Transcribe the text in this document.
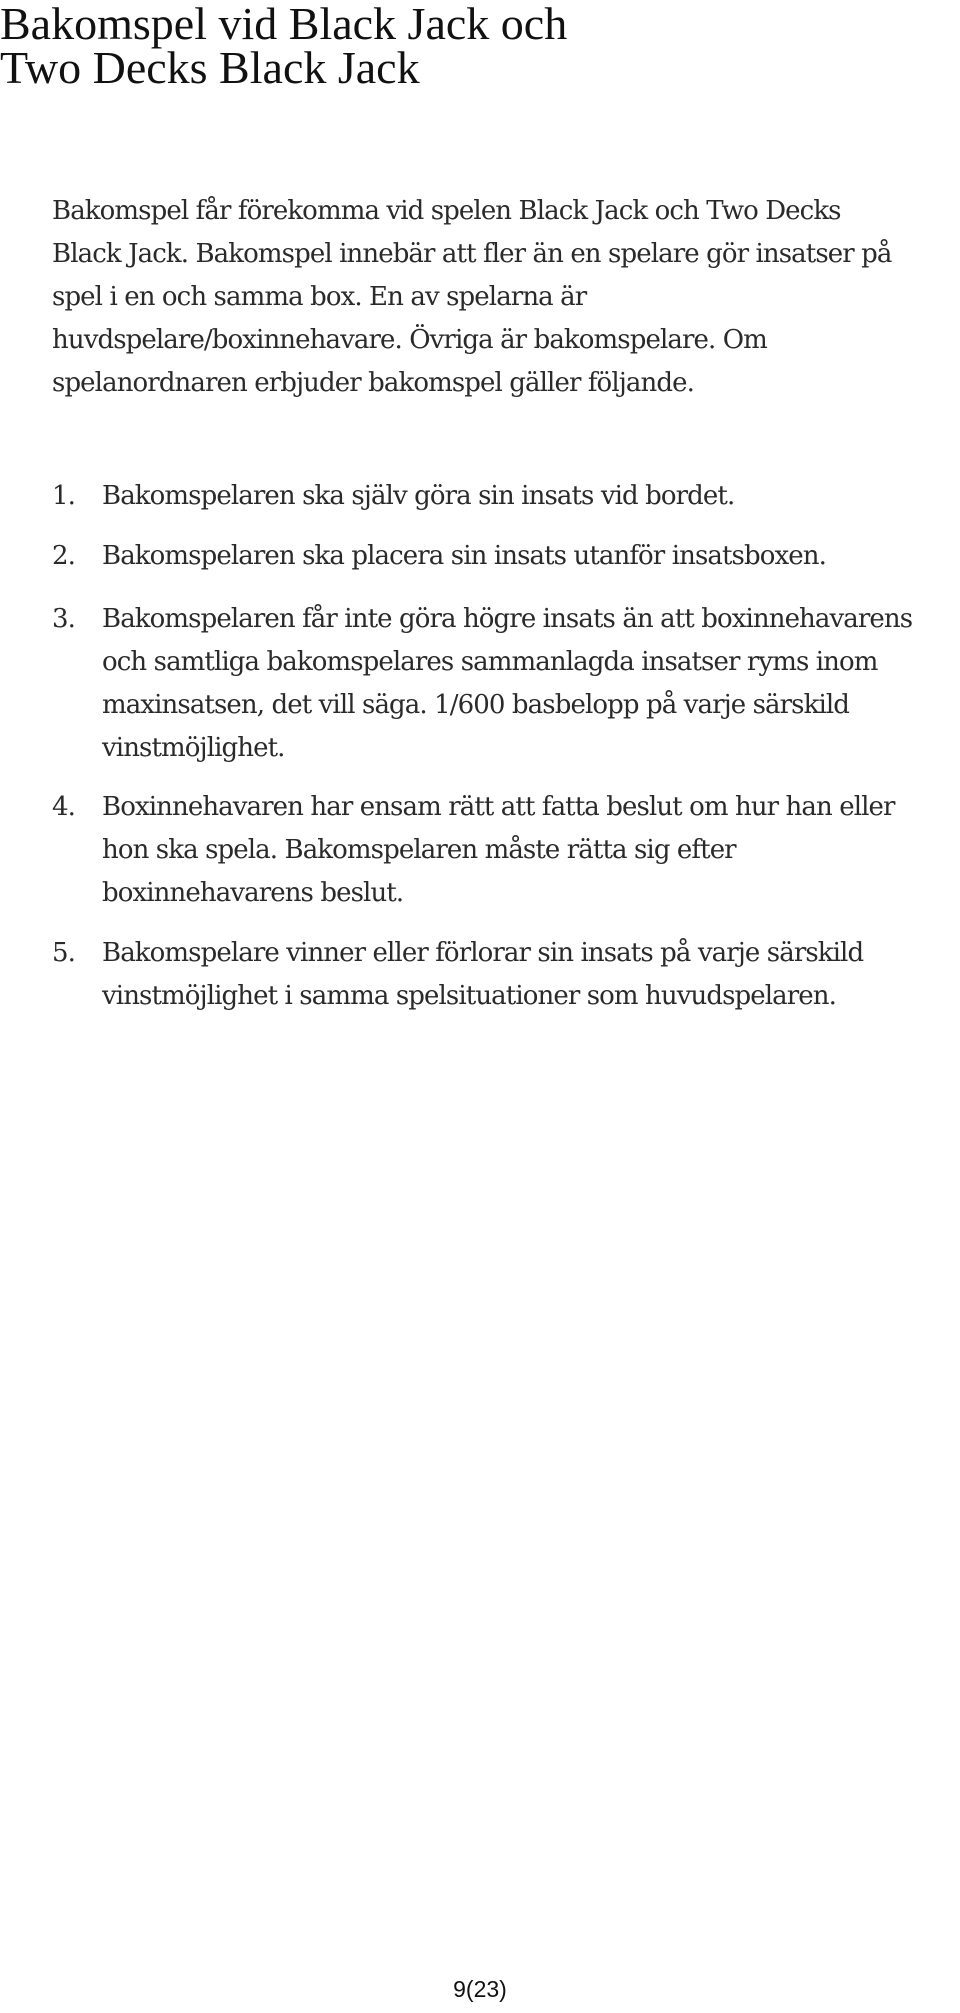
Bakomspel vid Black Jack och
Two Decks Black Jack

Bakomspel får förekomma vid spelen Black Jack och Two Decks
Black Jack. Bakomspel innebär att fler än en spelare gör insatser på
spel i en och samma box. En av spelarna är
huvdspelare/boxinnehavare. Övriga är bakomspelare. Om
spelanordnaren erbjuder bakomspel gäller följande.

1. Bakomspelaren ska själv göra sin insats vid bordet.
2. Bakomspelaren ska placera sin insats utanför insatsboxen.
3. Bakomspelaren får inte göra högre insats än att boxinnehavarens
och samtliga bakomspelares sammanlagda insatser ryms inom
maxinsatsen, det vill säga. 1/600 basbelopp på varje särskild
vinstmöjlighet.
4. Boxinnehavaren har ensam rätt att fatta beslut om hur han eller
hon ska spela. Bakomspelaren måste rätta sig efter
boxinnehavarens beslut.
5. Bakomspelare vinner eller förlorar sin insats på varje särskild
vinstmöjlighet i samma spelsituationer som huvudspelaren.
9(23)
